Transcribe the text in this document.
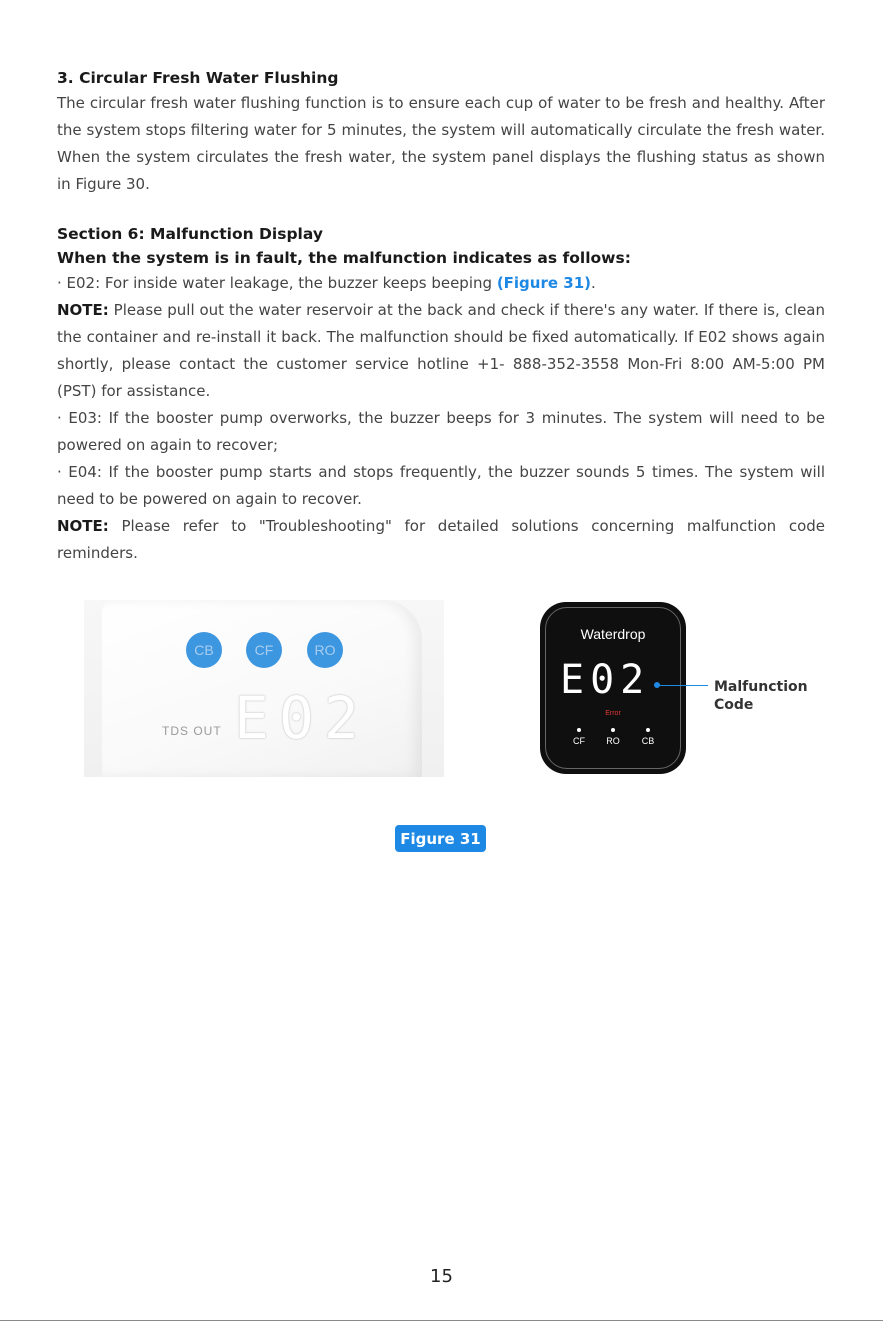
3. Circular Fresh Water Flushing

The circular fresh water flushing function is to ensure each cup of water to be fresh and healthy. After the system stops filtering water for 5 minutes, the system will automatically circulate the fresh water. When the system circulates the fresh water, the system panel displays the flushing status as shown in Figure 30.

Section 6: Malfunction Display

When the system is in fault, the malfunction indicates as follows:

· E02: For inside water leakage, the buzzer keeps beeping (Figure 31).

NOTE: Please pull out the water reservoir at the back and check if there's any water. If there is, clean the container and re-install it back. The malfunction should be fixed automatically. If E02 shows again shortly, please contact the customer service hotline +1- 888-352-3558 Mon-Fri 8:00 AM-5:00 PM (PST) for assistance.

· E03: If the booster pump overworks, the buzzer beeps for 3 minutes. The system will need to be powered on again to recover;

· E04: If the booster pump starts and stops frequently, the buzzer sounds 5 times. The system will need to be powered on again to recover.

NOTE: Please refer to "Troubleshooting" for detailed solutions concerning malfunction code reminders.

CB	CF	RO
TDS OUT E02
Waterdrop
E02
Error
CF	RO	CB
Malfunction
Code
Figure 31
15
